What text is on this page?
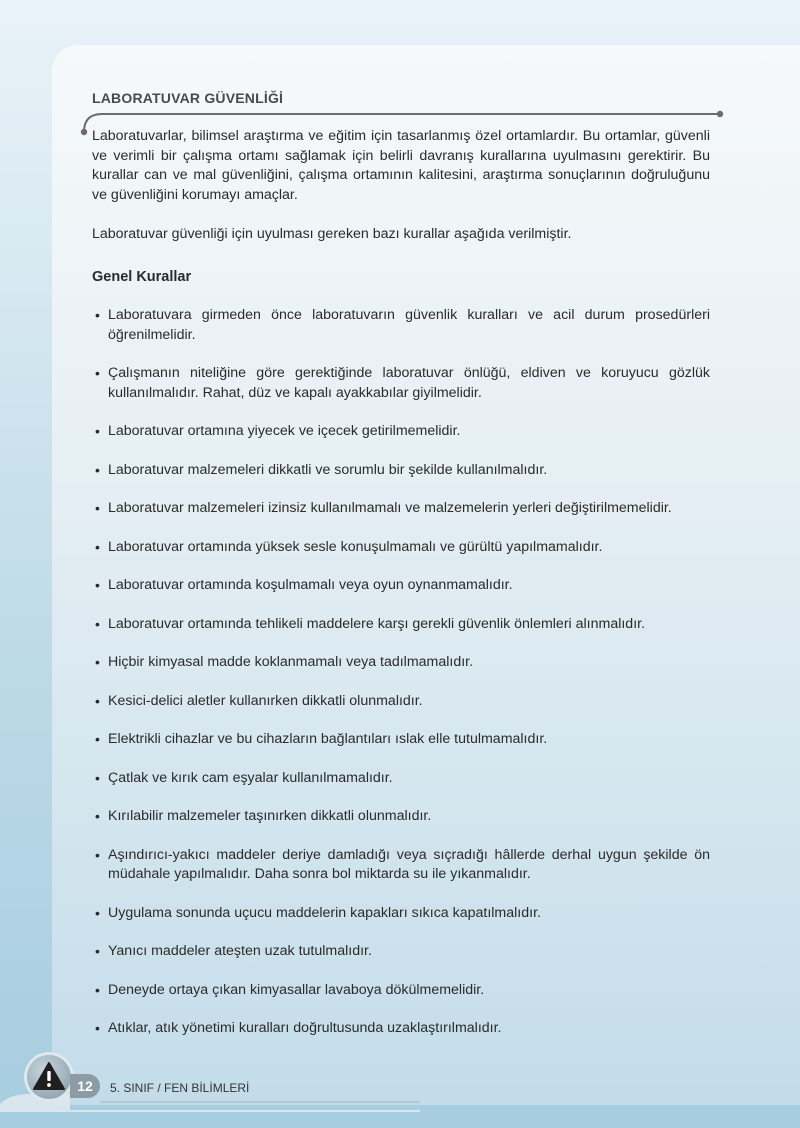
LABORATUVAR GÜVENLİĞİ

Laboratuvarlar, bilimsel araştırma ve eğitim için tasarlanmış özel ortamlardır. Bu ortamlar, güvenli ve verimli bir çalışma ortamı sağlamak için belirli davranış kurallarına uyulmasını gerektirir. Bu kurallar can ve mal güvenliğini, çalışma ortamının kalitesini, araştırma sonuçlarının doğruluğunu ve güvenliğini korumayı amaçlar.

Laboratuvar güvenliği için uyulması gereken bazı kurallar aşağıda verilmiştir.

Genel Kurallar
• Laboratuvara girmeden önce laboratuvarın güvenlik kuralları ve acil durum prosedürleri öğrenilmelidir.
• Çalışmanın niteliğine göre gerektiğinde laboratuvar önlüğü, eldiven ve koruyucu gözlük kullanılmalıdır. Rahat, düz ve kapalı ayakkabılar giyilmelidir.
• Laboratuvar ortamına yiyecek ve içecek getirilmemelidir.
• Laboratuvar malzemeleri dikkatli ve sorumlu bir şekilde kullanılmalıdır.
• Laboratuvar malzemeleri izinsiz kullanılmamalı ve malzemelerin yerleri değiştirilmemelidir.
• Laboratuvar ortamında yüksek sesle konuşulmamalı ve gürültü yapılmamalıdır.
• Laboratuvar ortamında koşulmamalı veya oyun oynanmamalıdır.
• Laboratuvar ortamında tehlikeli maddelere karşı gerekli güvenlik önlemleri alınmalıdır.
• Hiçbir kimyasal madde koklanmamalı veya tadılmamalıdır.
• Kesici-delici aletler kullanırken dikkatli olunmalıdır.
• Elektrikli cihazlar ve bu cihazların bağlantıları ıslak elle tutulmamalıdır.
• Çatlak ve kırık cam eşyalar kullanılmamalıdır.
• Kırılabilir malzemeler taşınırken dikkatli olunmalıdır.
• Aşındırıcı-yakıcı maddeler deriye damladığı veya sıçradığı hâllerde derhal uygun şekilde ön müdahale yapılmalıdır. Daha sonra bol miktarda su ile yıkanmalıdır.
• Uygulama sonunda uçucu maddelerin kapakları sıkıca kapatılmalıdır.
• Yanıcı maddeler ateşten uzak tutulmalıdır.
• Deneyde ortaya çıkan kimyasallar lavaboya dökülmemelidir.
• Atıklar, atık yönetimi kuralları doğrultusunda uzaklaştırılmalıdır.
12	5. SINIF / FEN BİLİMLERİ
